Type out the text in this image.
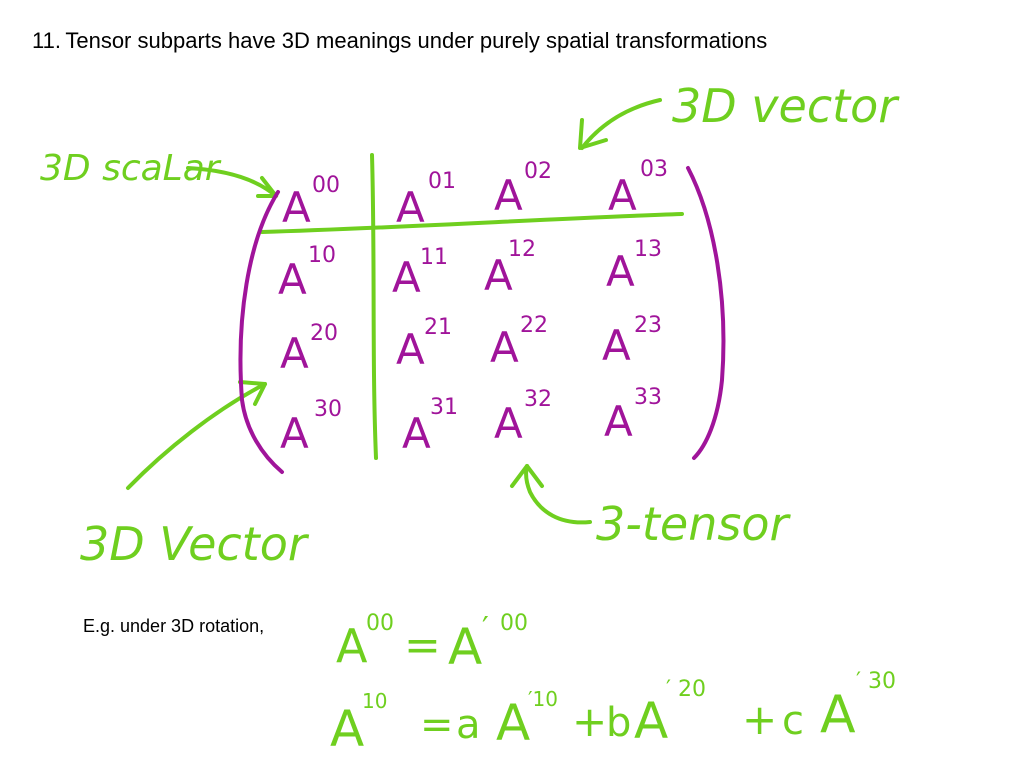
11. Tensor subparts have 3D meanings under purely spatial transformations
3D scaLar
3D vector
3D Vector	3-tensor
A 00 A
01 A 02 A
03
A 10 A 11 A
12 A 13
A 20 A 21 A 22 A 23
A 30 A
31 A 32 A 33
A
00 = A ′ 00
A
10
= a A
′10 +
b A
′ 20
+ c A
′ 30
E.g. under 3D rotation,
